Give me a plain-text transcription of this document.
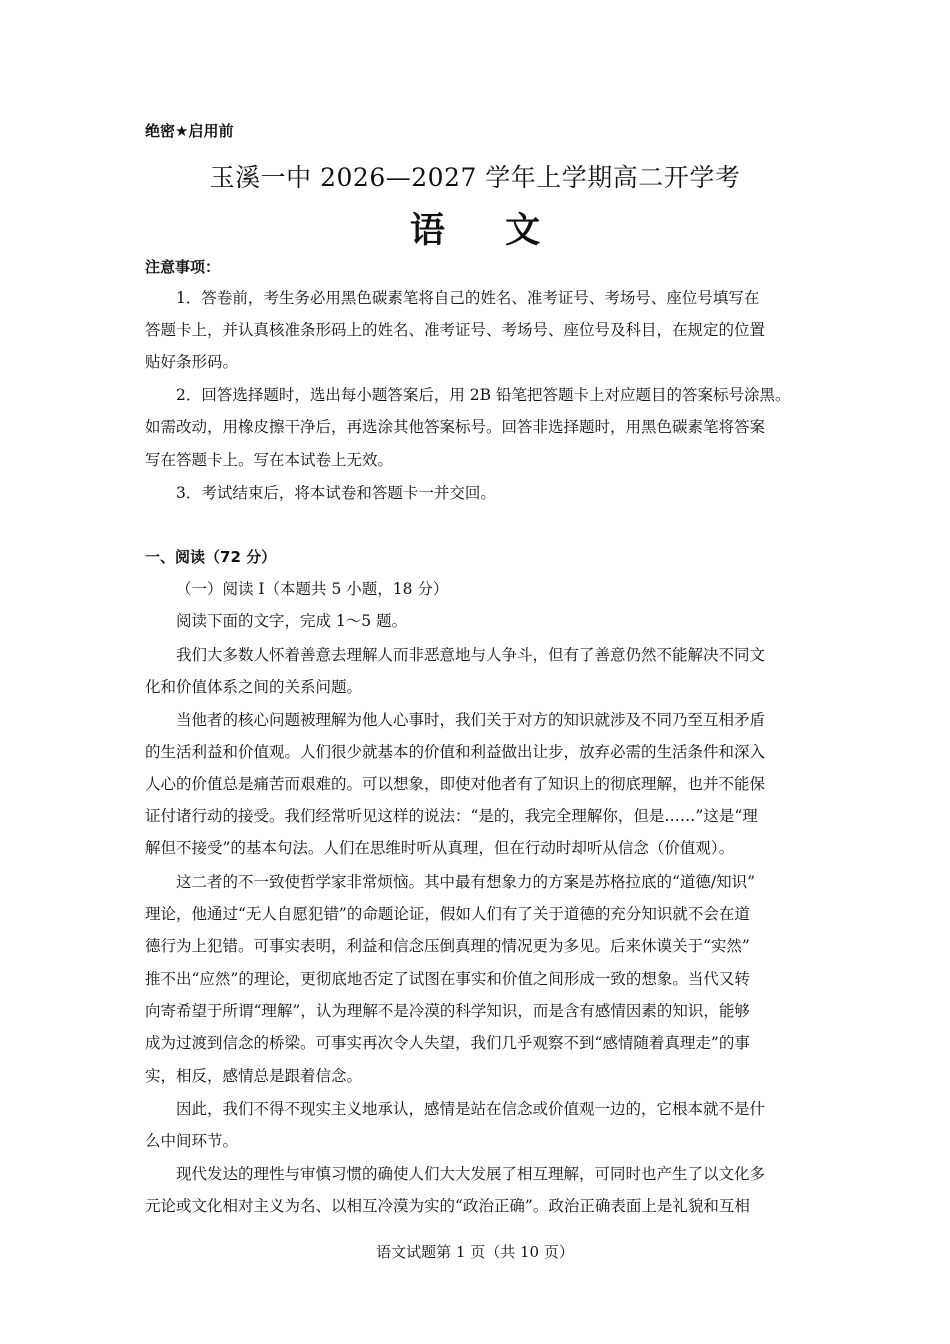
绝密★启用前
玉溪一中 2026—2027 学年上学期高二开学考
语 文
注意事项：
1．答卷前，考生务必用黑色碳素笔将自己的姓名、准考证号、考场号、座位号填写在
答题卡上，并认真核准条形码上的姓名、准考证号、考场号、座位号及科目，在规定的位置
贴好条形码。
2．回答选择题时，选出每小题答案后，用 2B 铅笔把答题卡上对应题目的答案标号涂黑。
如需改动，用橡皮擦干净后，再选涂其他答案标号。回答非选择题时，用黑色碳素笔将答案
写在答题卡上。写在本试卷上无效。
3．考试结束后，将本试卷和答题卡一并交回。
一、阅读（72 分）
（一）阅读 I（本题共 5 小题，18 分）
阅读下面的文字，完成 1～5 题。
我们大多数人怀着善意去理解人而非恶意地与人争斗，但有了善意仍然不能解决不同文
化和价值体系之间的关系问题。
当他者的核心问题被理解为他人心事时，我们关于对方的知识就涉及不同乃至互相矛盾
的生活利益和价值观。人们很少就基本的价值和利益做出让步，放弃必需的生活条件和深入
人心的价值总是痛苦而艰难的。可以想象，即使对他者有了知识上的彻底理解，也并不能保
证付诸行动的接受。我们经常听见这样的说法：“是的，我完全理解你，但是……”这是“理
解但不接受”的基本句法。人们在思维时听从真理，但在行动时却听从信念（价值观）。
这二者的不一致使哲学家非常烦恼。其中最有想象力的方案是苏格拉底的“道德/知识”
理论，他通过“无人自愿犯错”的命题论证，假如人们有了关于道德的充分知识就不会在道
德行为上犯错。可事实表明，利益和信念压倒真理的情况更为多见。后来休谟关于“实然”
推不出“应然”的理论，更彻底地否定了试图在事实和价值之间形成一致的想象。当代又转
向寄希望于所谓“理解”，认为理解不是冷漠的科学知识，而是含有感情因素的知识，能够
成为过渡到信念的桥梁。可事实再次令人失望，我们几乎观察不到“感情随着真理走”的事
实，相反，感情总是跟着信念。
因此，我们不得不现实主义地承认，感情是站在信念或价值观一边的，它根本就不是什
么中间环节。
现代发达的理性与审慎习惯的确使人们大大发展了相互理解，可同时也产生了以文化多
元论或文化相对主义为名、以相互冷漠为实的“政治正确”。政治正确表面上是礼貌和互相
语文试题第 1 页（共 10 页）
